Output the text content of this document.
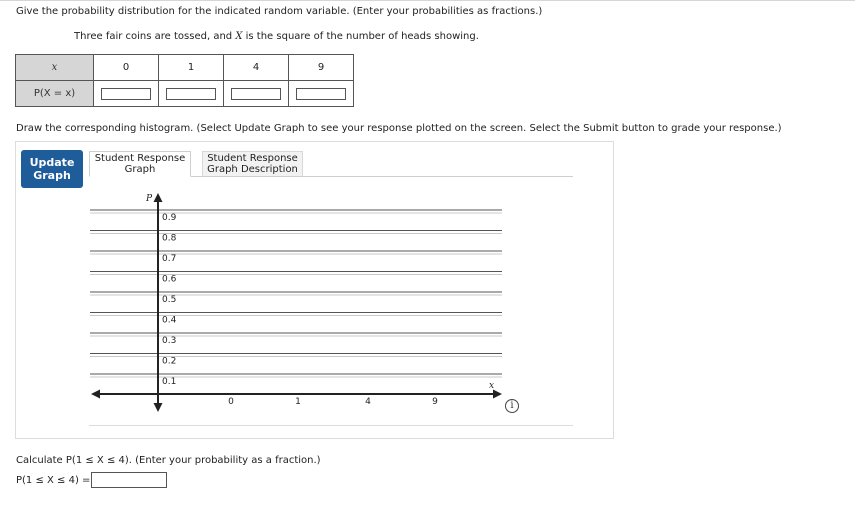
Give the probability distribution for the indicated random variable. (Enter your probabilities as fractions.)
Three fair coins are tossed, and X is the square of the number of heads showing.
x	0	1	4	9
P(X = x)				
Draw the corresponding histogram. (Select Update Graph to see your response plotted on the screen. Select the Submit button to grade your response.)
Update
Graph
Student Response
Graph
Student Response
Graph Description
P
x
0.9
0.8
0.7
0.6
0.5
0.4
0.3
0.2
0.1
0	1	4	9	i
Calculate P(1 ≤ X ≤ 4). (Enter your probability as a fraction.)
P(1 ≤ X ≤ 4) =
